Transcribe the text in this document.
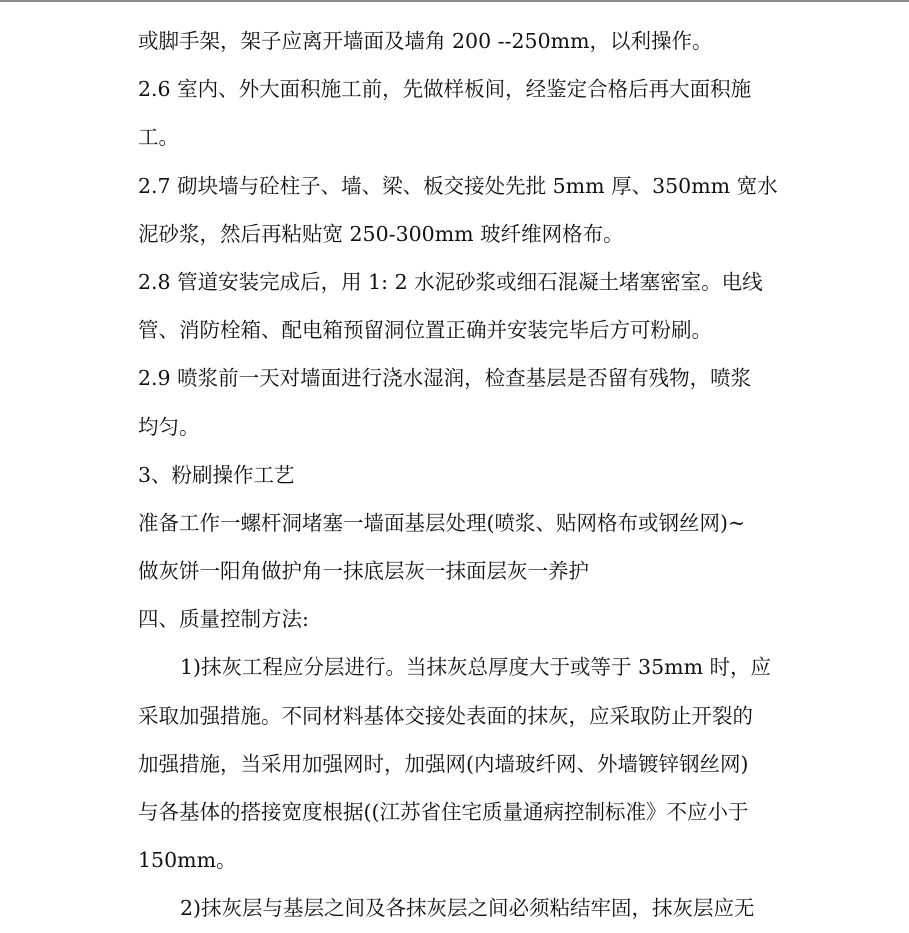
或脚手架，架子应离开墙面及墙角 200 --250mm，以利操作。
2.6 室内、外大面积施工前，先做样板间，经鉴定合格后再大面积施
工。
2.7 砌块墙与砼柱子、墙、梁、板交接处先批 5mm 厚、350mm 宽水
泥砂浆，然后再粘贴宽 250-300mm 玻纤维网格布。
2.8 管道安装完成后，用 1: 2 水泥砂浆或细石混凝土堵塞密室。电线
管、消防栓箱、配电箱预留洞位置正确并安装完毕后方可粉刷。
2.9 喷浆前一天对墙面进行浇水湿润，检查基层是否留有残物，喷浆
均匀。
3、粉刷操作工艺
准备工作一螺杆洞堵塞一墙面基层处理(喷浆、贴网格布或钢丝网)~
做灰饼一阳角做护角一抹底层灰一抹面层灰一养护
四、质量控制方法:
1)抹灰工程应分层进行。当抹灰总厚度大于或等于 35mm 时，应
采取加强措施。不同材料基体交接处表面的抹灰，应采取防止开裂的
加强措施，当采用加强网时，加强网(内墙玻纤网、外墙镀锌钢丝网)
与各基体的搭接宽度根据((江苏省住宅质量通病控制标准》不应小于
150mm。
2)抹灰层与基层之间及各抹灰层之间必须粘结牢固，抹灰层应无
